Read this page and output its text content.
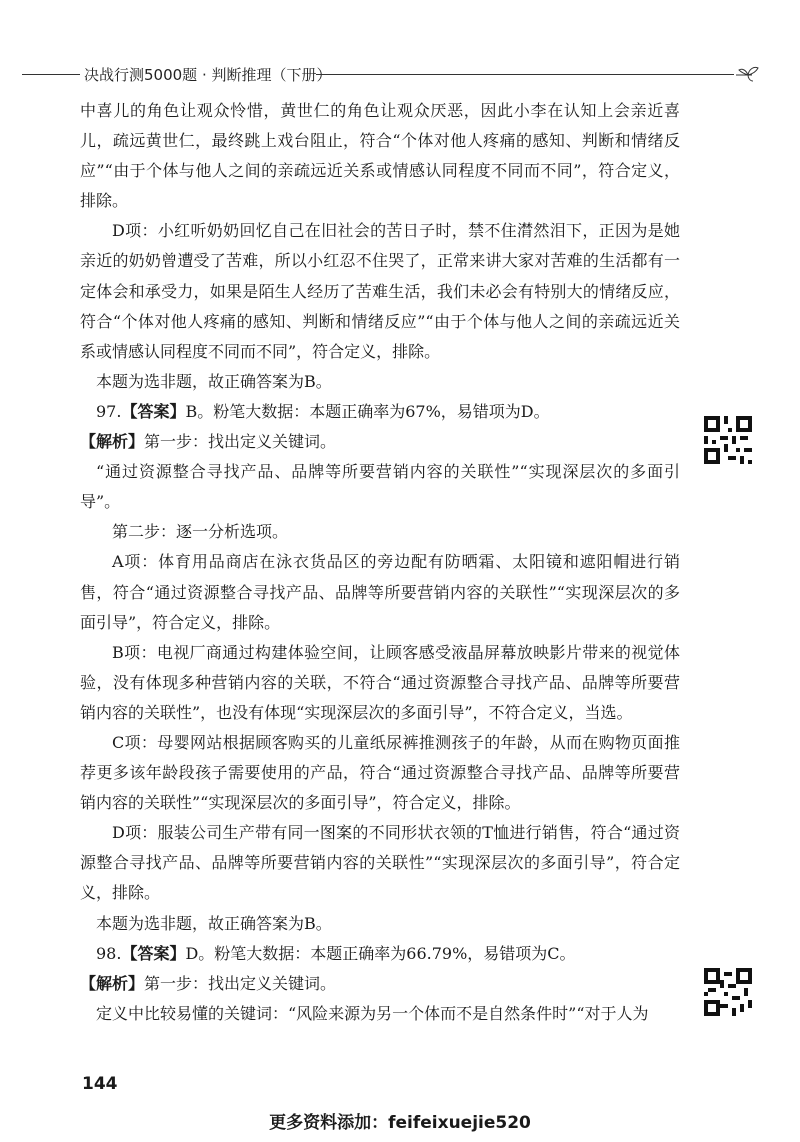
决战行测5000题 · 判断推理（下册）

中喜儿的角色让观众怜惜，黄世仁的角色让观众厌恶，因此小李在认知上会亲近喜儿，疏远黄世仁，最终跳上戏台阻止，符合“个体对他人疼痛的感知、判断和情绪反应”“由于个体与他人之间的亲疏远近关系或情感认同程度不同而不同”，符合定义，排除。

D项：小红听奶奶回忆自己在旧社会的苦日子时，禁不住潸然泪下，正因为是她亲近的奶奶曾遭受了苦难，所以小红忍不住哭了，正常来讲大家对苦难的生活都有一定体会和承受力，如果是陌生人经历了苦难生活，我们未必会有特别大的情绪反应，符合“个体对他人疼痛的感知、判断和情绪反应”“由于个体与他人之间的亲疏远近关系或情感认同程度不同而不同”，符合定义，排除。

本题为选非题，故正确答案为B。

97.【答案】B。粉笔大数据：本题正确率为67%，易错项为D。

【解析】第一步：找出定义关键词。

“通过资源整合寻找产品、品牌等所要营销内容的关联性”“实现深层次的多面引导”。

第二步：逐一分析选项。

A项：体育用品商店在泳衣货品区的旁边配有防晒霜、太阳镜和遮阳帽进行销售，符合“通过资源整合寻找产品、品牌等所要营销内容的关联性”“实现深层次的多面引导”，符合定义，排除。

B项：电视厂商通过构建体验空间，让顾客感受液晶屏幕放映影片带来的视觉体验，没有体现多种营销内容的关联，不符合“通过资源整合寻找产品、品牌等所要营销内容的关联性”，也没有体现“实现深层次的多面引导”，不符合定义，当选。

C项：母婴网站根据顾客购买的儿童纸尿裤推测孩子的年龄，从而在购物页面推荐更多该年龄段孩子需要使用的产品，符合“通过资源整合寻找产品、品牌等所要营销内容的关联性”“实现深层次的多面引导”，符合定义，排除。

D项：服装公司生产带有同一图案的不同形状衣领的T恤进行销售，符合“通过资源整合寻找产品、品牌等所要营销内容的关联性”“实现深层次的多面引导”，符合定义，排除。

本题为选非题，故正确答案为B。

98.【答案】D。粉笔大数据：本题正确率为66.79%，易错项为C。

【解析】第一步：找出定义关键词。

定义中比较易懂的关键词：“风险来源为另一个体而不是自然条件时”“对于人为

144
更多资料添加：feifeixuejie520
